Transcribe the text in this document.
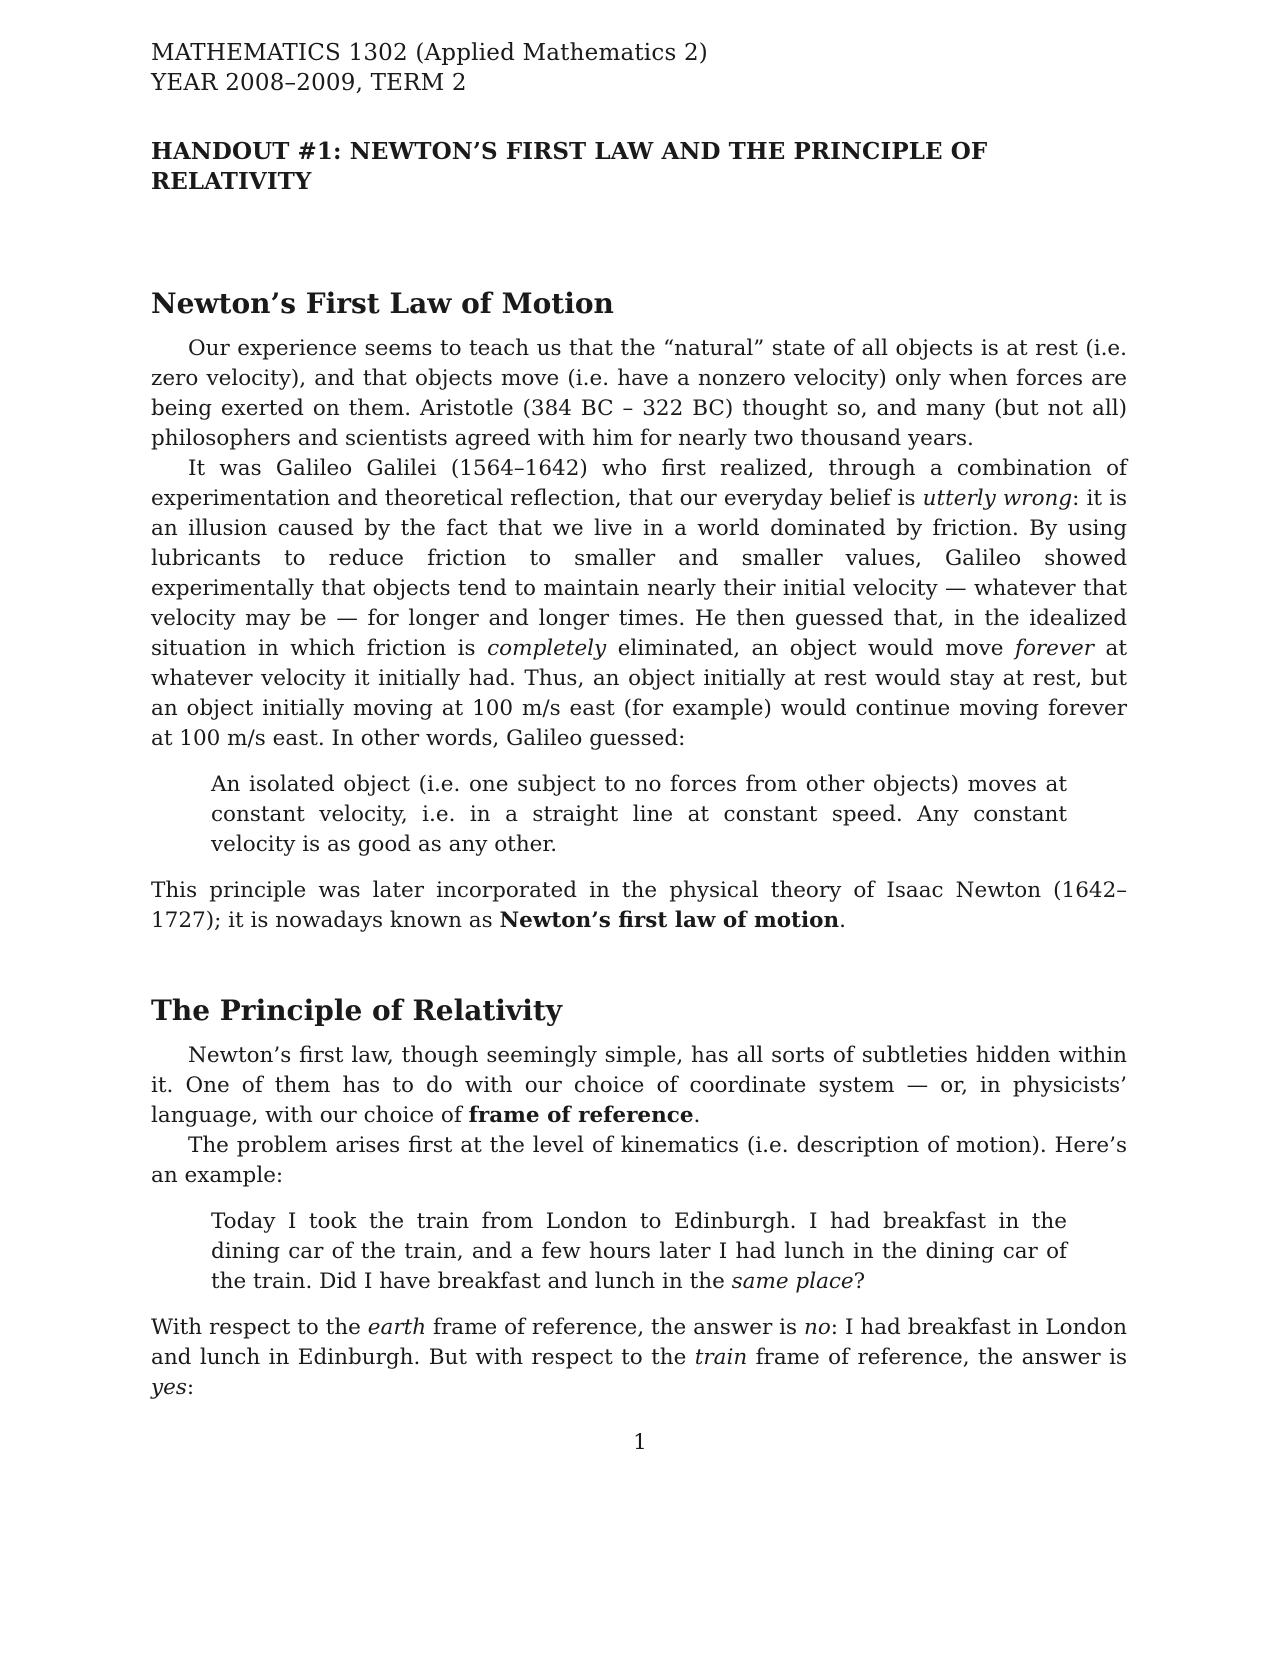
MATHEMATICS 1302 (Applied Mathematics 2)
YEAR 2008–2009, TERM 2
HANDOUT #1: NEWTON’S FIRST LAW AND THE PRINCIPLE OF RELATIVITY
Newton’s First Law of Motion

Our experience seems to teach us that the “natural” state of all objects is at rest (i.e. zero velocity), and that objects move (i.e. have a nonzero velocity) only when forces are being exerted on them. Aristotle (384 BC – 322 BC) thought so, and many (but not all) philosophers and scientists agreed with him for nearly two thousand years.

It was Galileo Galilei (1564–1642) who first realized, through a combination of experimentation and theoretical reflection, that our everyday belief is utterly wrong: it is an illusion caused by the fact that we live in a world dominated by friction. By using lubricants to reduce friction to smaller and smaller values, Galileo showed experimentally that objects tend to maintain nearly their initial velocity — whatever that velocity may be — for longer and longer times. He then guessed that, in the idealized situation in which friction is completely eliminated, an object would move forever at whatever velocity it initially had. Thus, an object initially at rest would stay at rest, but an object initially moving at 100 m/s east (for example) would continue moving forever at 100 m/s east. In other words, Galileo guessed:

An isolated object (i.e. one subject to no forces from other objects) moves at constant velocity, i.e. in a straight line at constant speed. Any constant velocity is as good as any other.

This principle was later incorporated in the physical theory of Isaac Newton (1642–1727); it is nowadays known as Newton’s first law of motion.

The Principle of Relativity

Newton’s first law, though seemingly simple, has all sorts of subtleties hidden within it. One of them has to do with our choice of coordinate system — or, in physicists’ language, with our choice of frame of reference.

The problem arises first at the level of kinematics (i.e. description of motion). Here’s an example:

Today I took the train from London to Edinburgh. I had breakfast in the dining car of the train, and a few hours later I had lunch in the dining car of the train. Did I have breakfast and lunch in the same place?

With respect to the earth frame of reference, the answer is no: I had breakfast in London and lunch in Edinburgh. But with respect to the train frame of reference, the answer is yes:

1
